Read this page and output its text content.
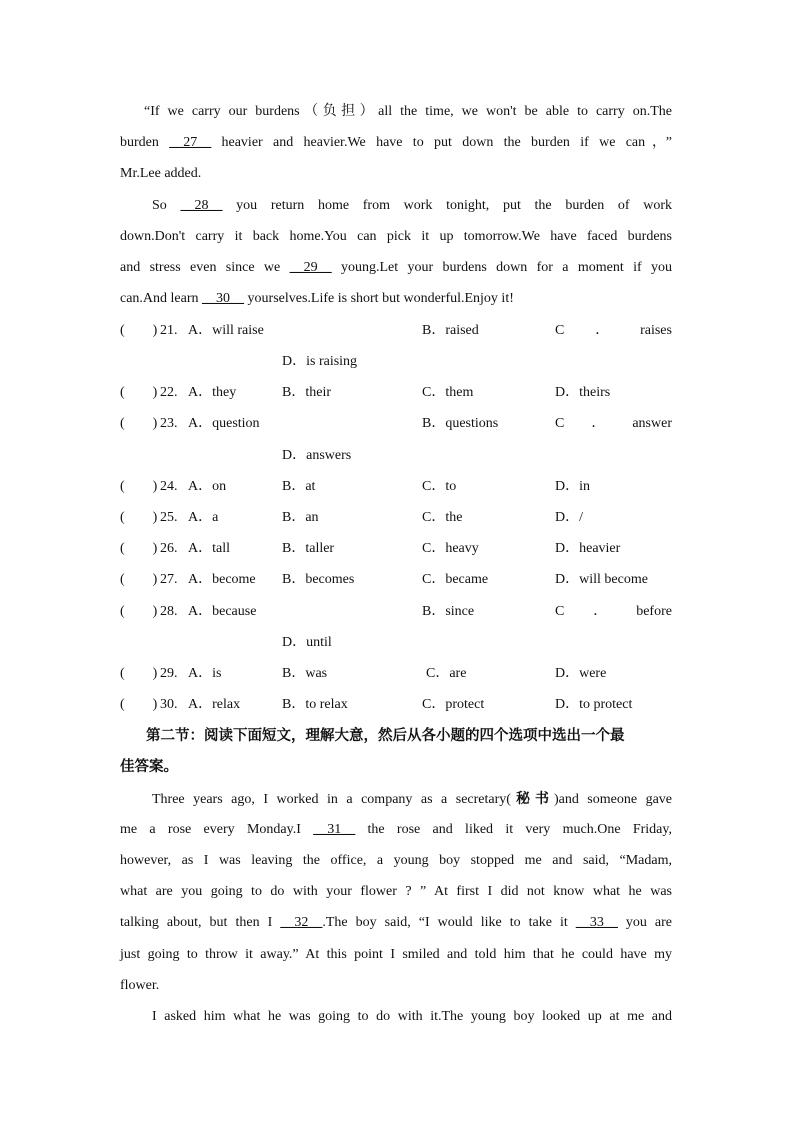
“If we carry our burdens（负担）all the time, we won't be able to carry on.The
burden __27__ heavier and heavier.We have to put down the burden if we can，”
Mr.Lee added.
So __28__ you return home from work tonight, put the burden of work
down.Don't carry it back home.You can pick it up tomorrow.We have faced burdens
and stress even since we __29__ young.Let your burdens down for a moment if you
can.And learn __30__ yourselves.Life is short but wonderful.Enjoy it!
(　　) 21. A．will raise	B．raised	C ． raises
D．is raising
(　　) 22. A．they	B．their	C．them	D．theirs
(　　) 23. A．question	B．questions	C ． answer
D．answers
(　　) 24. A．on	B．at	C．to	D．in
(　　) 25. A．a	B．an	C．the	D．/
(　　) 26. A．tall	B．taller	C．heavy	D．heavier
(　　) 27. A．become B．becomes	C．became	D．will become
(　　) 28. A．because	B．since	C ． before
D．until
(　　) 29. A．is	B．was	C．are	D．were
(　　) 30. A．relax	B．to relax	C．protect	D．to protect
第二节：阅读下面短文，理解大意，然后从各小题的四个选项中选出一个最
佳答案。
Three years ago, I worked in a company as a secretary(秘书)and someone gave
me a rose every Monday.I __31__ the rose and liked it very much.One Friday,
however, as I was leaving the office, a young boy stopped me and said, “Madam,
what are you going to do with your flower ? ” At first I did not know what he was
talking about, but then I __32__.The boy said, “I would like to take it __33__ you are
just going to throw it away.” At this point I smiled and told him that he could have my
flower.
I asked him what he was going to do with it.The young boy looked up at me and
